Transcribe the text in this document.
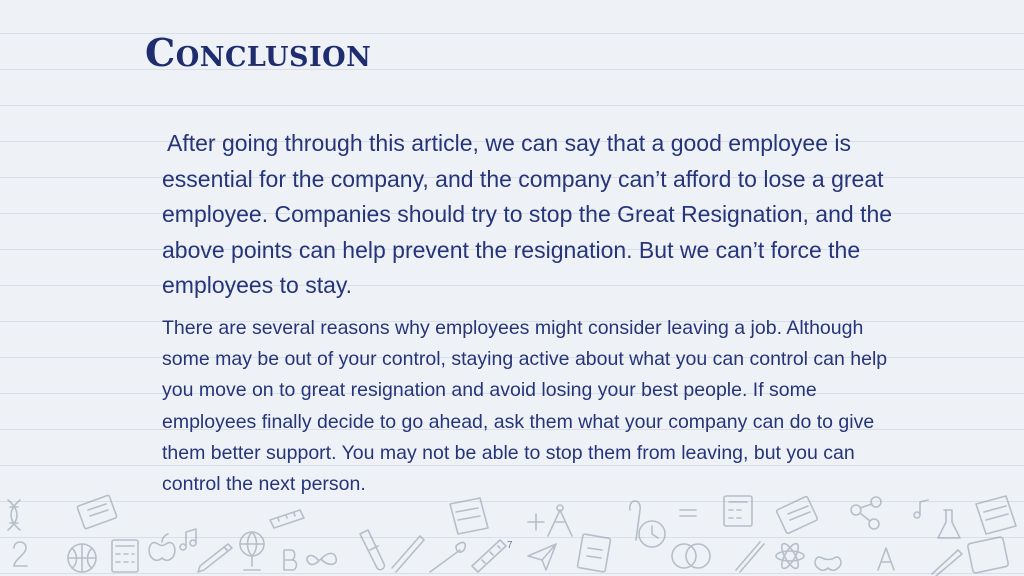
Conclusion

After going through this article, we can say that a good employee is essential for the company, and the company can’t afford to lose a great employee. Companies should try to stop the Great Resignation, and the above points can help prevent the resignation. But we can’t force the employees to stay.

There are several reasons why employees might consider leaving a job. Although some may be out of your control, staying active about what you can control can help you move on to great resignation and avoid losing your best people. If some employees finally decide to go ahead, ask them what your company can do to give them better support. You may not be able to stop them from leaving, but you can control the next person.

7
